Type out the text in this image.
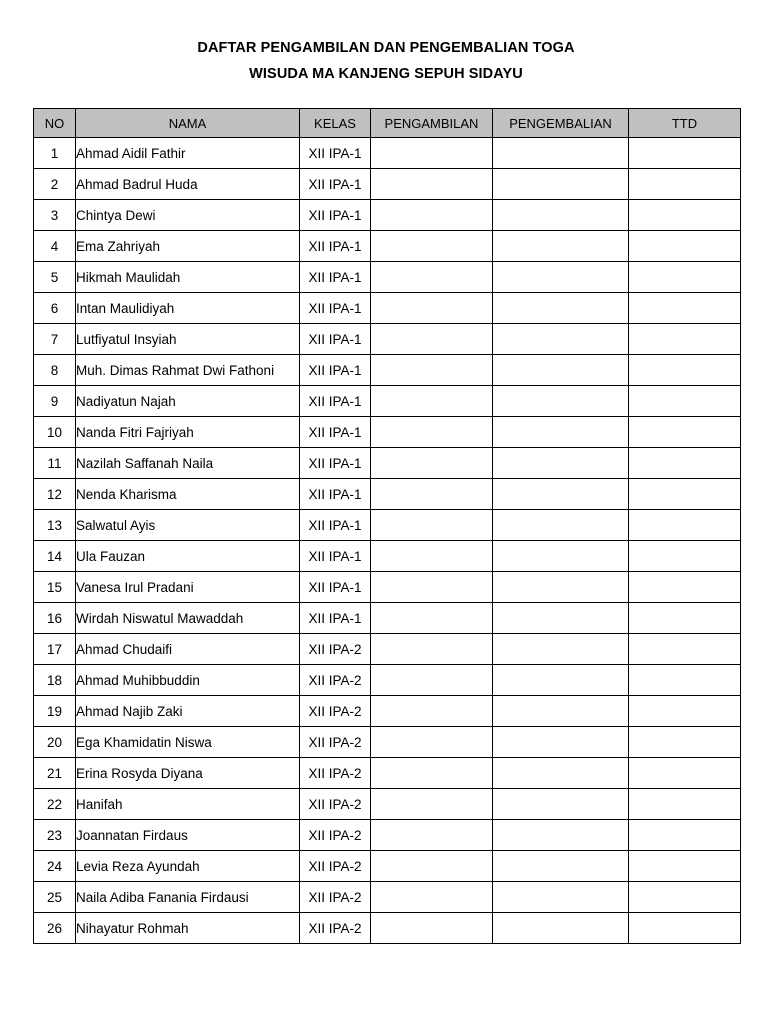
DAFTAR PENGAMBILAN DAN PENGEMBALIAN TOGA
WISUDA MA KANJENG SEPUH SIDAYU
NO	NAMA	KELAS	PENGAMBILAN	PENGEMBALIAN	TTD
1	Ahmad Aidil Fathir	XII IPA-1			
2	Ahmad Badrul Huda	XII IPA-1			
3	Chintya Dewi	XII IPA-1			
4	Ema Zahriyah	XII IPA-1			
5	Hikmah Maulidah	XII IPA-1			
6	Intan Maulidiyah	XII IPA-1			
7	Lutfiyatul Insyiah	XII IPA-1			
8	Muh. Dimas Rahmat Dwi Fathoni	XII IPA-1			
9	Nadiyatun Najah	XII IPA-1			
10	Nanda Fitri Fajriyah	XII IPA-1			
11	Nazilah Saffanah Naila	XII IPA-1			
12	Nenda Kharisma	XII IPA-1			
13	Salwatul Ayis	XII IPA-1			
14	Ula Fauzan	XII IPA-1			
15	Vanesa Irul Pradani	XII IPA-1			
16	Wirdah Niswatul Mawaddah	XII IPA-1			
17	Ahmad Chudaifi	XII IPA-2			
18	Ahmad Muhibbuddin	XII IPA-2			
19	Ahmad Najib Zaki	XII IPA-2			
20	Ega Khamidatin Niswa	XII IPA-2			
21	Erina Rosyda Diyana	XII IPA-2			
22	Hanifah	XII IPA-2			
23	Joannatan Firdaus	XII IPA-2			
24	Levia Reza Ayundah	XII IPA-2			
25	Naila Adiba Fanania Firdausi	XII IPA-2			
26	Nihayatur Rohmah	XII IPA-2			
